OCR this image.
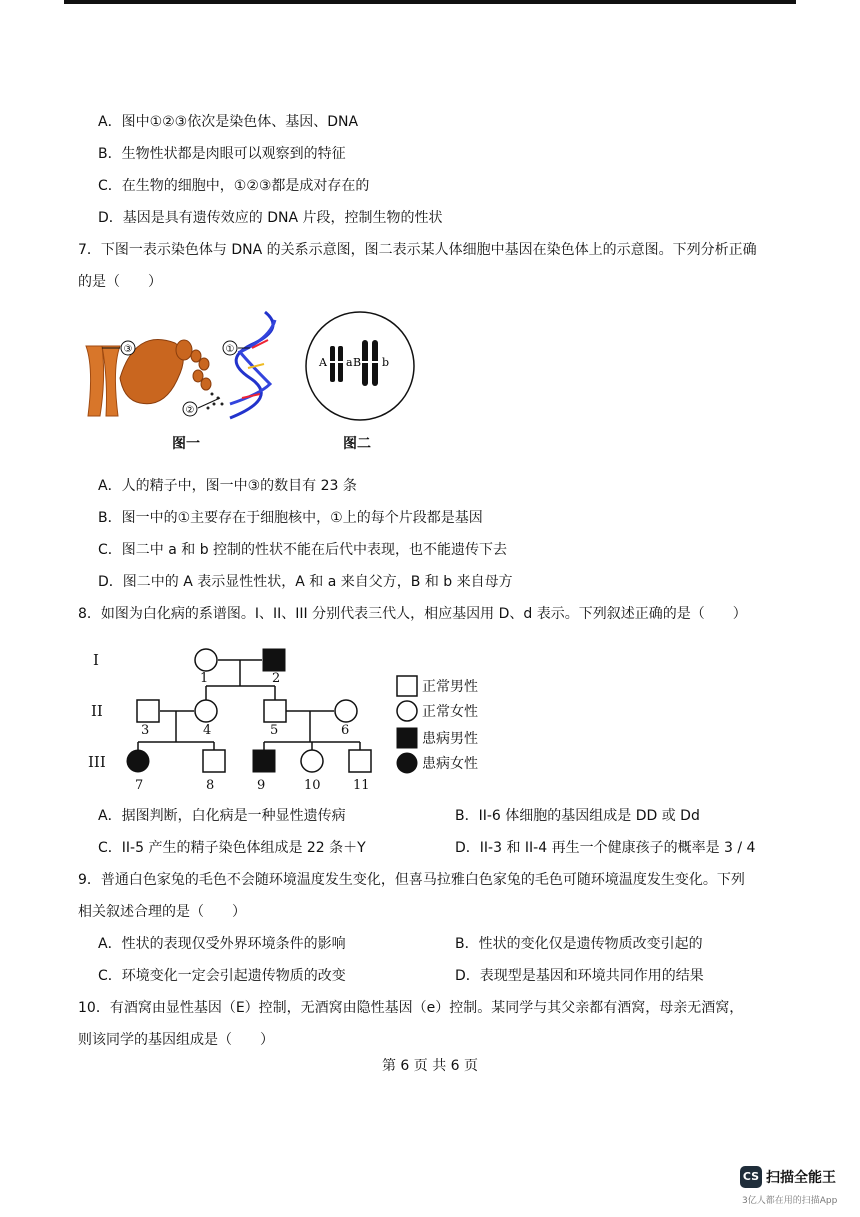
A．图中①②③依次是染色体、基因、DNA
B．生物性状都是肉眼可以观察到的特征
C．在生物的细胞中，①②③都是成对存在的
D．基因是具有遗传效应的 DNA 片段，控制生物的性状
7．下图一表示染色体与 DNA 的关系示意图，图二表示某人体细胞中基因在染色体上的示意图。下列分析正确
的是（　　）
③	①
②
图一
A a B b
图二
A．人的精子中，图一中③的数目有 23 条
B．图一中的①主要存在于细胞核中，①上的每个片段都是基因
C．图二中 a 和 b 控制的性状不能在后代中表现，也不能遗传下去
D．图二中的 A 表示显性性状，A 和 a 来自父方，B 和 b 来自母方
8．如图为白化病的系谱图。I、II、III 分别代表三代人，相应基因用 D、d 表示。下列叙述正确的是（　　）
I
II
III
1	2
3	4	5	6
7	8	9	10 11
正常男性
正常女性
患病男性
患病女性
A．据图判断，白化病是一种显性遗传病	B．II-6 体细胞的基因组成是 DD 或 Dd
C．II-5 产生的精子染色体组成是 22 条＋Y	D．II-3 和 II-4 再生一个健康孩子的概率是 3 / 4
9．普通白色家兔的毛色不会随环境温度发生变化，但喜马拉雅白色家兔的毛色可随环境温度发生变化。下列
相关叙述合理的是（　　）
A．性状的表现仅受外界环境条件的影响	B．性状的变化仅是遗传物质改变引起的
C．环境变化一定会引起遗传物质的改变	D．表现型是基因和环境共同作用的结果
10．有酒窝由显性基因（E）控制，无酒窝由隐性基因（e）控制。某同学与其父亲都有酒窝，母亲无酒窝，
则该同学的基因组成是（　　）
第 6 页 共 6 页
CS 扫描全能王
3亿人都在用的扫描App
